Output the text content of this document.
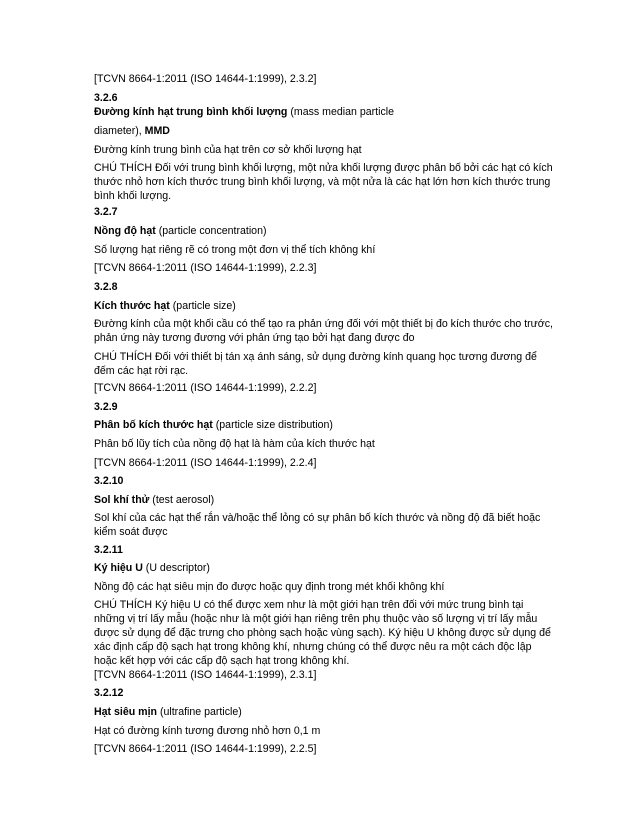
[TCVN 8664-1:2011 (ISO 14644-1:1999), 2.3.2]
3.2.6
Đường kính hạt trung bình khối lượng (mass median particle
diameter), MMD
Đường kính trung bình của hạt trên cơ sở khối lượng hạt
CHÚ THÍCH Đối với trung bình khối lượng, một nửa khối lượng được phân bố bởi các hạt có kích thước nhỏ hơn kích thước trung bình khối lượng, và một nửa là các hạt lớn hơn kích thước trung bình khối lượng.
3.2.7
Nồng độ hạt (particle concentration)
Số lượng hạt riêng rẽ có trong một đơn vị thể tích không khí
[TCVN 8664-1:2011 (ISO 14644-1:1999), 2.2.3]
3.2.8
Kích thước hạt (particle size)
Đường kính của một khối cầu có thể tạo ra phản ứng đối với một thiết bị đo kích thước cho trước, phản ứng này tương đương với phản ứng tạo bởi hạt đang được đo
CHÚ THÍCH Đối với thiết bị tán xạ ánh sáng, sử dụng đường kính quang học tương đương để đếm các hạt rời rạc.
[TCVN 8664-1:2011 (ISO 14644-1:1999), 2.2.2]
3.2.9
Phân bố kích thước hạt (particle size distribution)
Phân bố lũy tích của nồng độ hạt là hàm của kích thước hạt
[TCVN 8664-1:2011 (ISO 14644-1:1999), 2.2.4]
3.2.10
Sol khí thử (test aerosol)
Sol khí của các hạt thể rắn và/hoặc thể lỏng có sự phân bố kích thước và nồng độ đã biết hoặc kiểm soát được
3.2.11
Ký hiệu U (U descriptor)
Nồng độ các hạt siêu mịn đo được hoặc quy định trong mét khối không khí
CHÚ THÍCH Ký hiệu U có thể được xem như là một giới hạn trên đối với mức trung bình tại những vị trí lấy mẫu (hoặc như là một giới hạn riêng trên phụ thuộc vào số lượng vị trí lấy mẫu được sử dụng để đặc trưng cho phòng sạch hoặc vùng sạch). Ký hiệu U không được sử dụng để xác định cấp độ sạch hạt trong không khí, nhưng chúng có thể được nêu ra một cách độc lập hoặc kết hợp với các cấp độ sạch hạt trong không khí.
[TCVN 8664-1:2011 (ISO 14644-1:1999), 2.3.1]
3.2.12
Hạt siêu mịn (ultrafine particle)
Hạt có đường kính tương đương nhỏ hơn 0,1 m
[TCVN 8664-1:2011 (ISO 14644-1:1999), 2.2.5]
